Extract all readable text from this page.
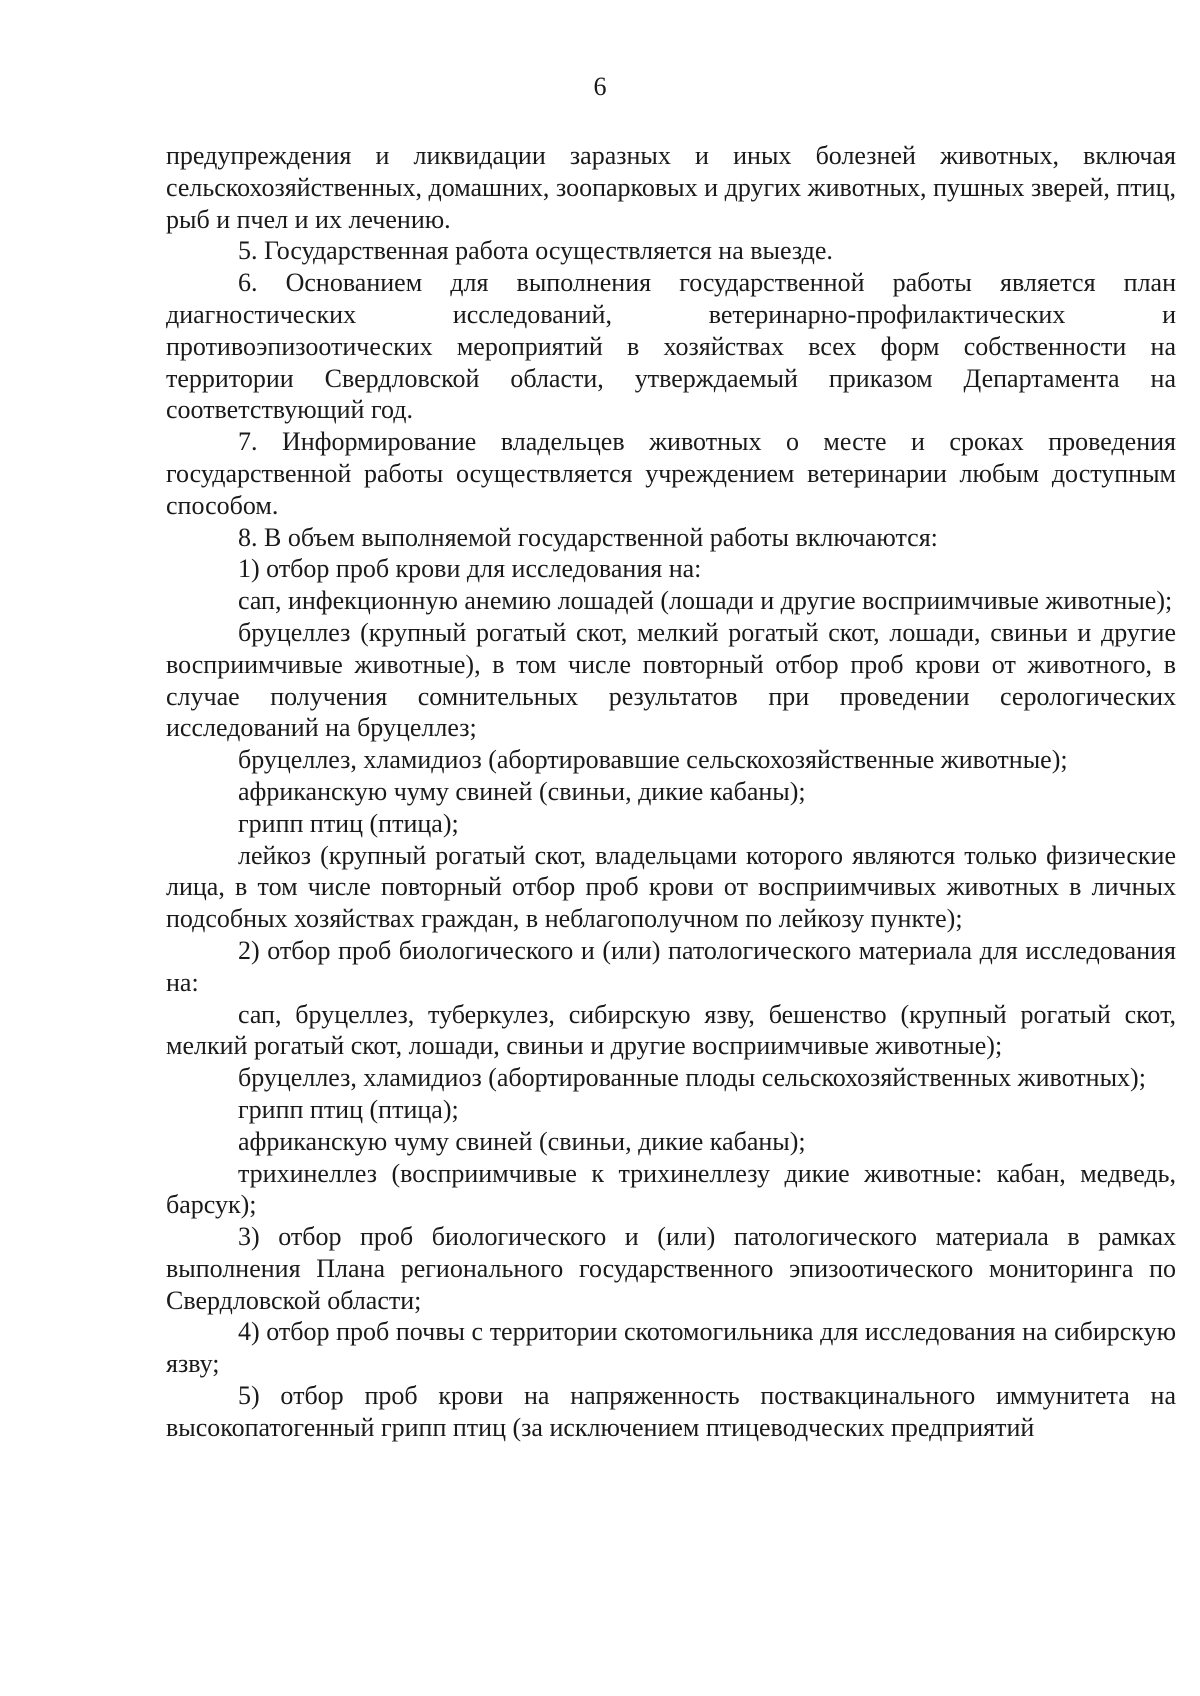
6

предупреждения и ликвидации заразных и иных болезней животных, включая сельскохозяйственных, домашних, зоопарковых и других животных, пушных зверей, птиц, рыб и пчел и их лечению.

5. Государственная работа осуществляется на выезде.

6. Основанием для выполнения государственной работы является план диагностических исследований, ветеринарно-профилактических и противоэпизоотических мероприятий в хозяйствах всех форм собственности на территории Свердловской области, утверждаемый приказом Департамента на соответствующий год.

7. Информирование владельцев животных о месте и сроках проведения государственной работы осуществляется учреждением ветеринарии любым доступным способом.

8. В объем выполняемой государственной работы включаются:

1) отбор проб крови для исследования на:

сап, инфекционную анемию лошадей (лошади и другие восприимчивые животные);

бруцеллез (крупный рогатый скот, мелкий рогатый скот, лошади, свиньи и другие восприимчивые животные), в том числе повторный отбор проб крови от животного, в случае получения сомнительных результатов при проведении серологических исследований на бруцеллез;

бруцеллез, хламидиоз (абортировавшие сельскохозяйственные животные);

африканскую чуму свиней (свиньи, дикие кабаны);

грипп птиц (птица);

лейкоз (крупный рогатый скот, владельцами которого являются только физические лица, в том числе повторный отбор проб крови от восприимчивых животных в личных подсобных хозяйствах граждан, в неблагополучном по лейкозу пункте);

2) отбор проб биологического и (или) патологического материала для исследования на:

сап, бруцеллез, туберкулез, сибирскую язву, бешенство (крупный рогатый скот, мелкий рогатый скот, лошади, свиньи и другие восприимчивые животные);

бруцеллез, хламидиоз (абортированные плоды сельскохозяйственных животных);

грипп птиц (птица);

африканскую чуму свиней (свиньи, дикие кабаны);

трихинеллез (восприимчивые к трихинеллезу дикие животные: кабан, медведь, барсук);

3) отбор проб биологического и (или) патологического материала в рамках выполнения Плана регионального государственного эпизоотического мониторинга по Свердловской области;

4) отбор проб почвы с территории скотомогильника для исследования на сибирскую язву;

5) отбор проб крови на напряженность поствакцинального иммунитета на высокопатогенный грипп птиц (за исключением птицеводческих предприятий
